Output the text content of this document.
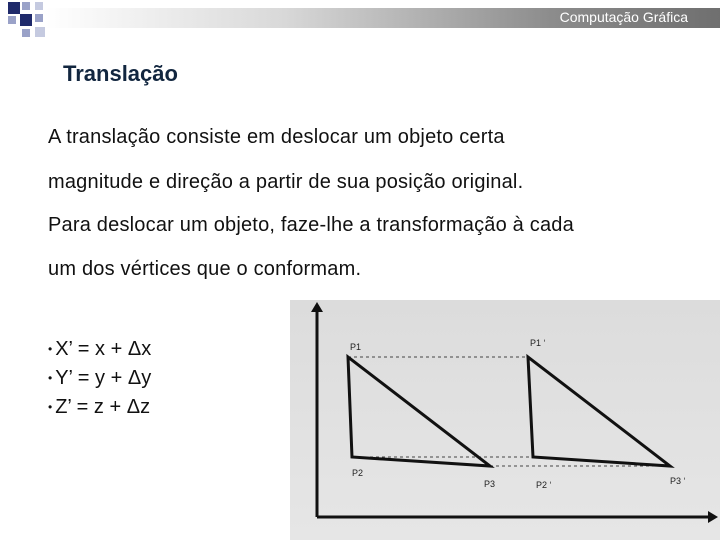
Computação Gráfica
Translação
A translação consiste em deslocar um objeto certa
magnitude e direção a partir de sua posição original.
Para deslocar um objeto, faze-lhe a transformação à cada
um dos vértices que o conformam.
• X’ = x + Δx
• Y’ = y + Δy
• Z’ = z + Δz
P1
P2
P3
P1 ‘
P2 ‘	P3 ‘
